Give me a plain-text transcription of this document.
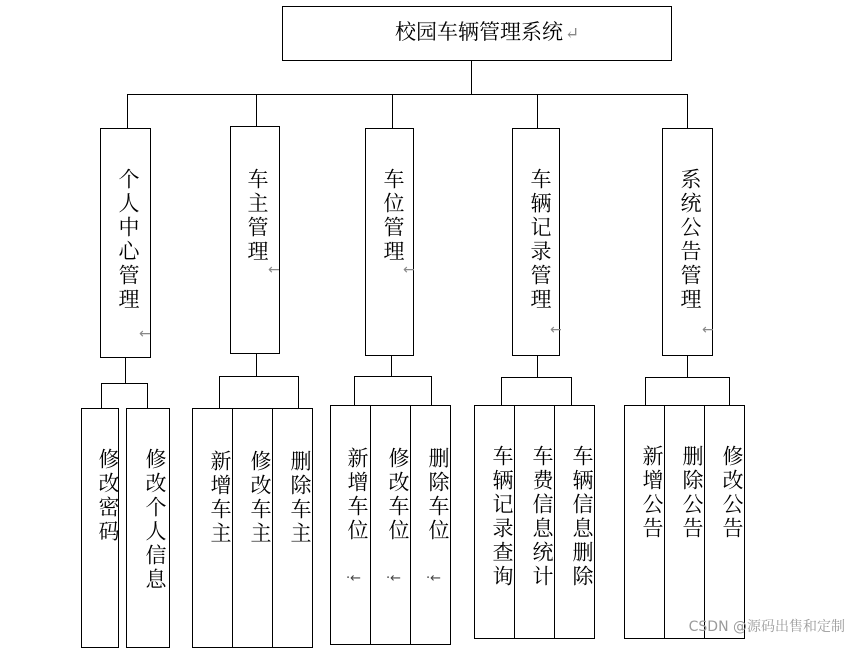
校园车辆管理系统 ↵
个人中心管理
←
车主管理
←
车位管理
←	车辆记录管理
←
系统公告管理
←
修改密码 修改个人信息 新增车主 修改车主 删除车主 新增车位
·←
修改车位
·←
删除车位
·← 车辆记录查询 车费信息统计 车辆信息删除 新增公告 删除公告 修改公告
CSDN @源码出售和定制
